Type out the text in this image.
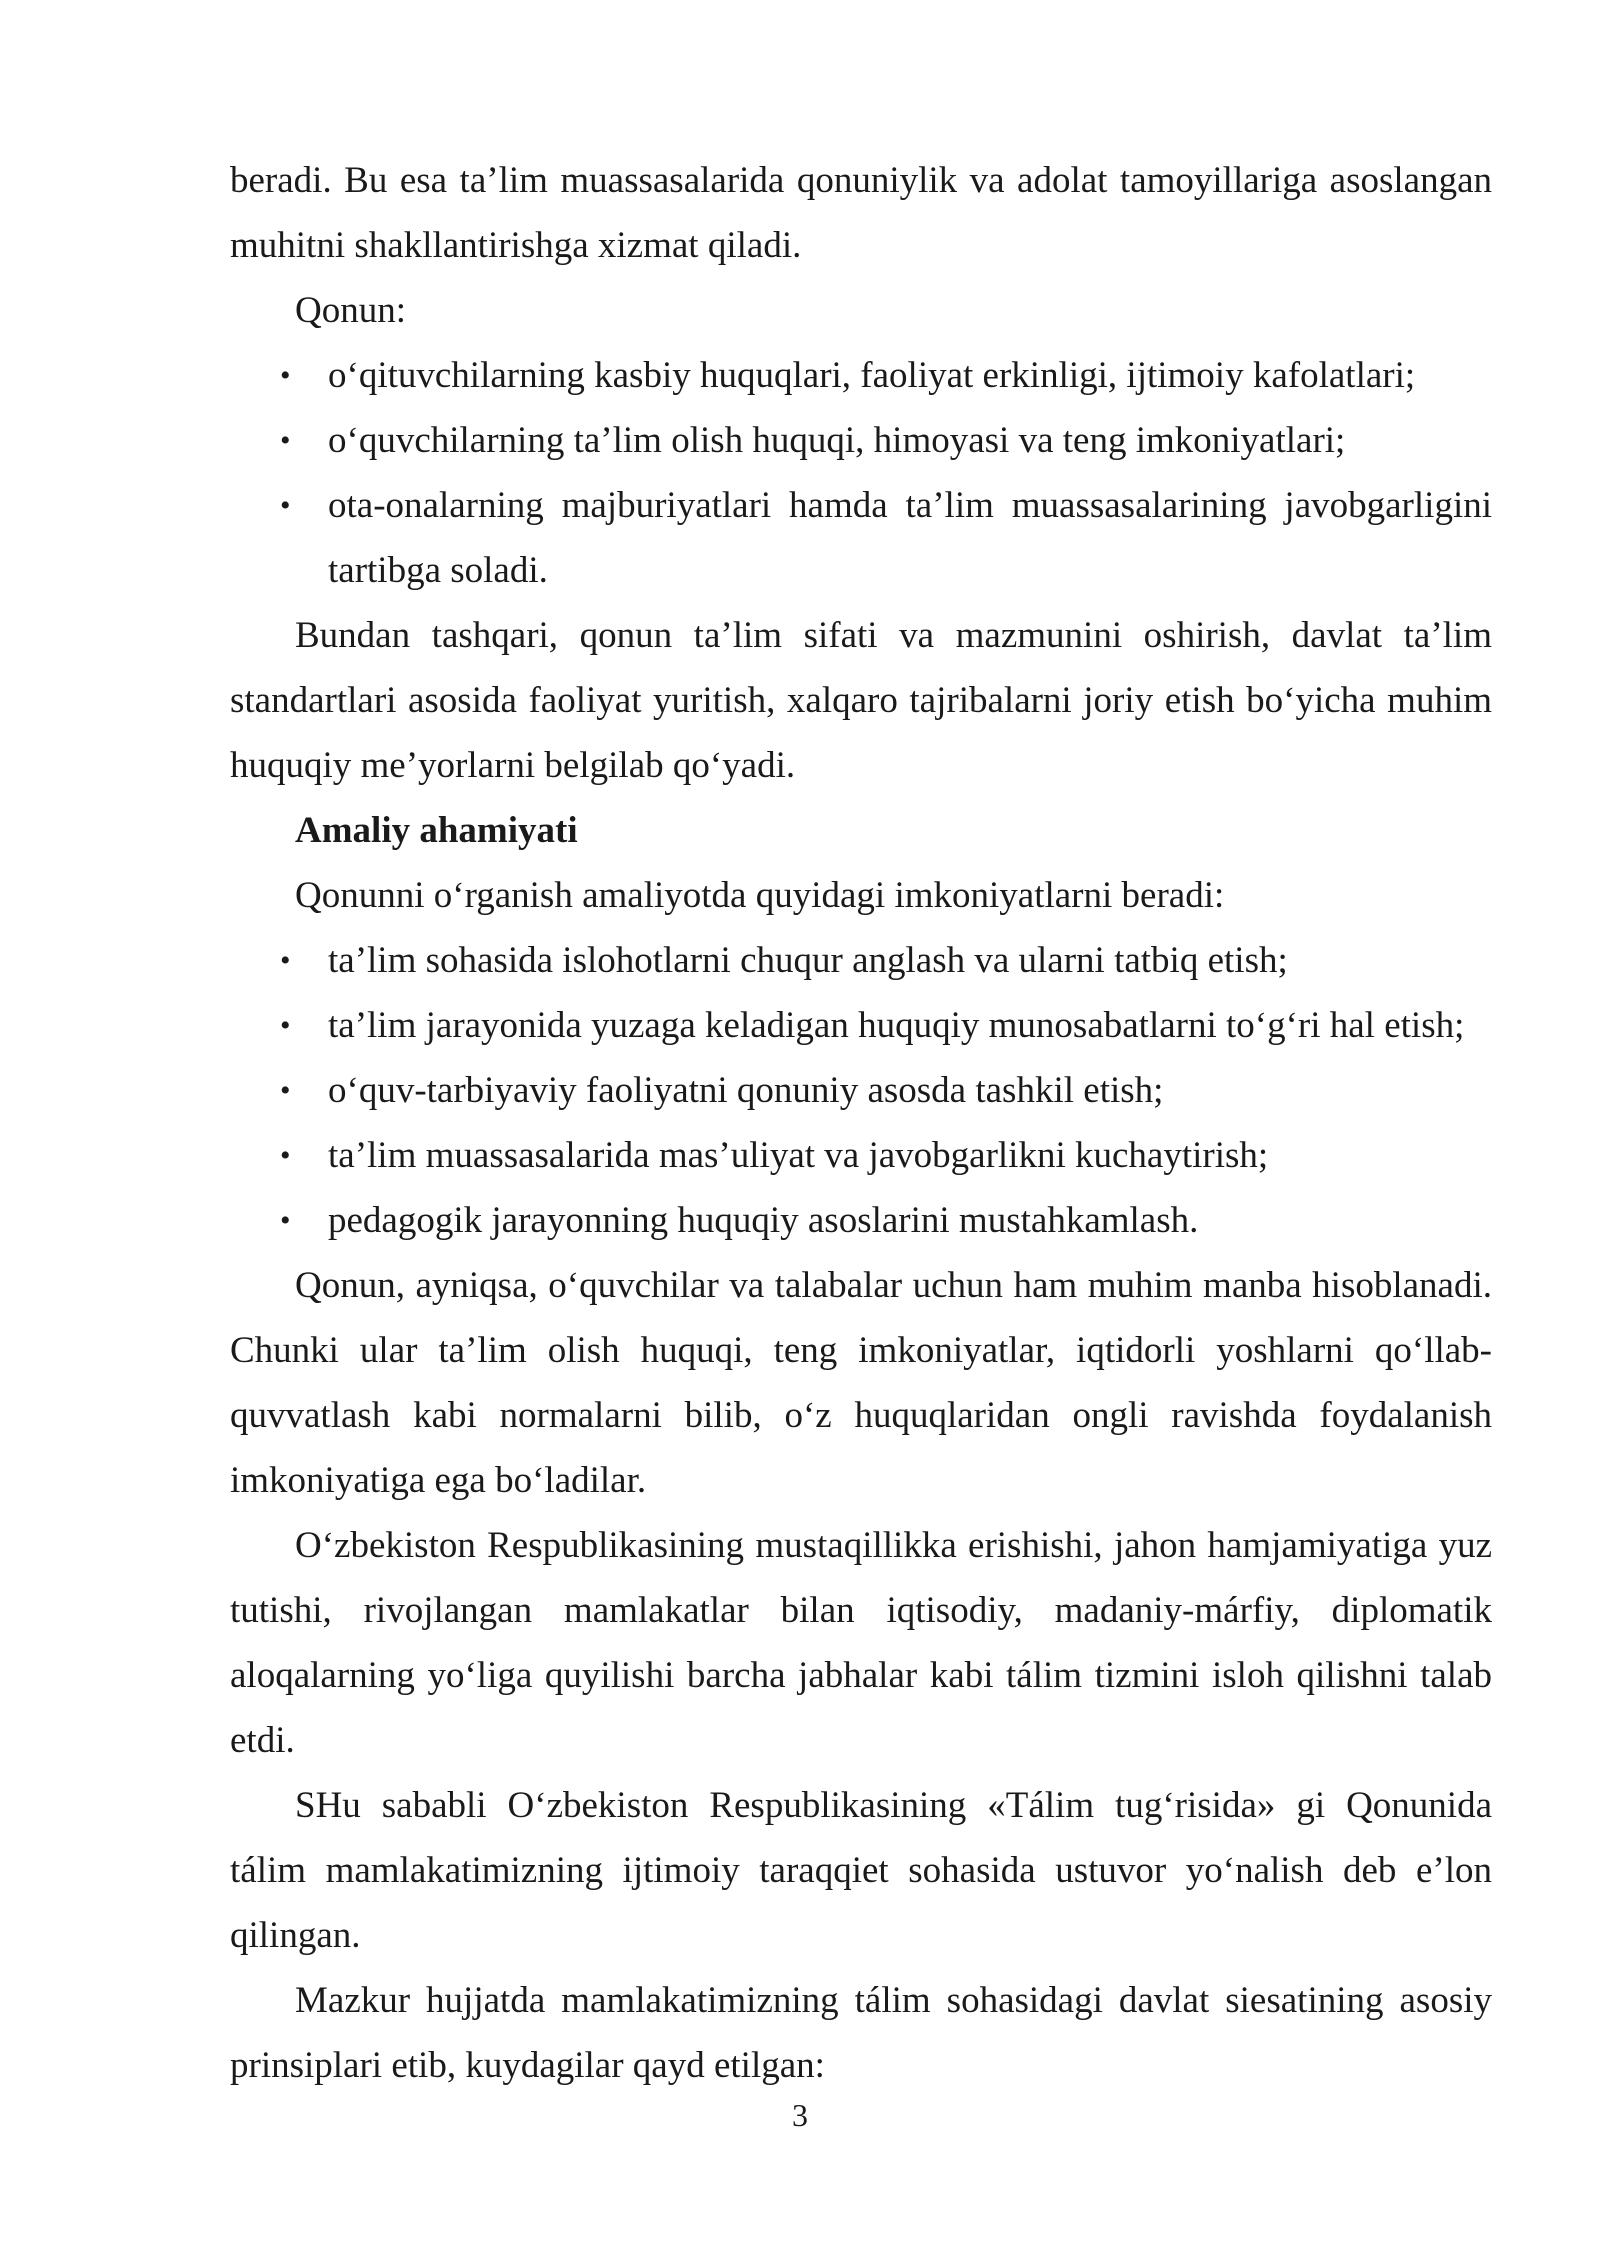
beradi. Bu esa ta’lim muassasalarida qonuniylik va adolat tamoyillariga asoslangan muhitni shakllantirishga xizmat qiladi.

Qonun:

• o‘qituvchilarning kasbiy huquqlari, faoliyat erkinligi, ijtimoiy kafolatlari;
• o‘quvchilarning ta’lim olish huquqi, himoyasi va teng imkoniyatlari;
• ota-onalarning majburiyatlari hamda ta’lim muassasalarining javobgarligini tartibga soladi.

Bundan tashqari, qonun ta’lim sifati va mazmunini oshirish, davlat ta’lim standartlari asosida faoliyat yuritish, xalqaro tajribalarni joriy etish bo‘yicha muhim huquqiy me’yorlarni belgilab qo‘yadi.

Amaliy ahamiyati

Qonunni o‘rganish amaliyotda quyidagi imkoniyatlarni beradi:

• ta’lim sohasida islohotlarni chuqur anglash va ularni tatbiq etish;
• ta’lim jarayonida yuzaga keladigan huquqiy munosabatlarni to‘g‘ri hal etish;
• o‘quv-tarbiyaviy faoliyatni qonuniy asosda tashkil etish;
• ta’lim muassasalarida mas’uliyat va javobgarlikni kuchaytirish;
• pedagogik jarayonning huquqiy asoslarini mustahkamlash.

Qonun, ayniqsa, o‘quvchilar va talabalar uchun ham muhim manba hisoblanadi. Chunki ular ta’lim olish huquqi, teng imkoniyatlar, iqtidorli yoshlarni qo‘llab-quvvatlash kabi normalarni bilib, o‘z huquqlaridan ongli ravishda foydalanish imkoniyatiga ega bo‘ladilar.

O‘zbekiston Respublikasining mustaqillikka erishishi, jahon hamjamiyatiga yuz tutishi, rivojlangan mamlakatlar bilan iqtisodiy, madaniy-márfiy, diplomatik aloqalarning yo‘liga quyilishi barcha jabhalar kabi tálim tizmini isloh qilishni talab etdi.

SHu sababli O‘zbekiston Respublikasining «Tálim tug‘risida» gi Qonunida tálim mamlakatimizning ijtimoiy taraqqiet sohasida ustuvor yo‘nalish deb e’lon qilingan.

Mazkur hujjatda mamlakatimizning tálim sohasidagi davlat siesatining asosiy prinsiplari etib, kuydagilar qayd etilgan:

3
